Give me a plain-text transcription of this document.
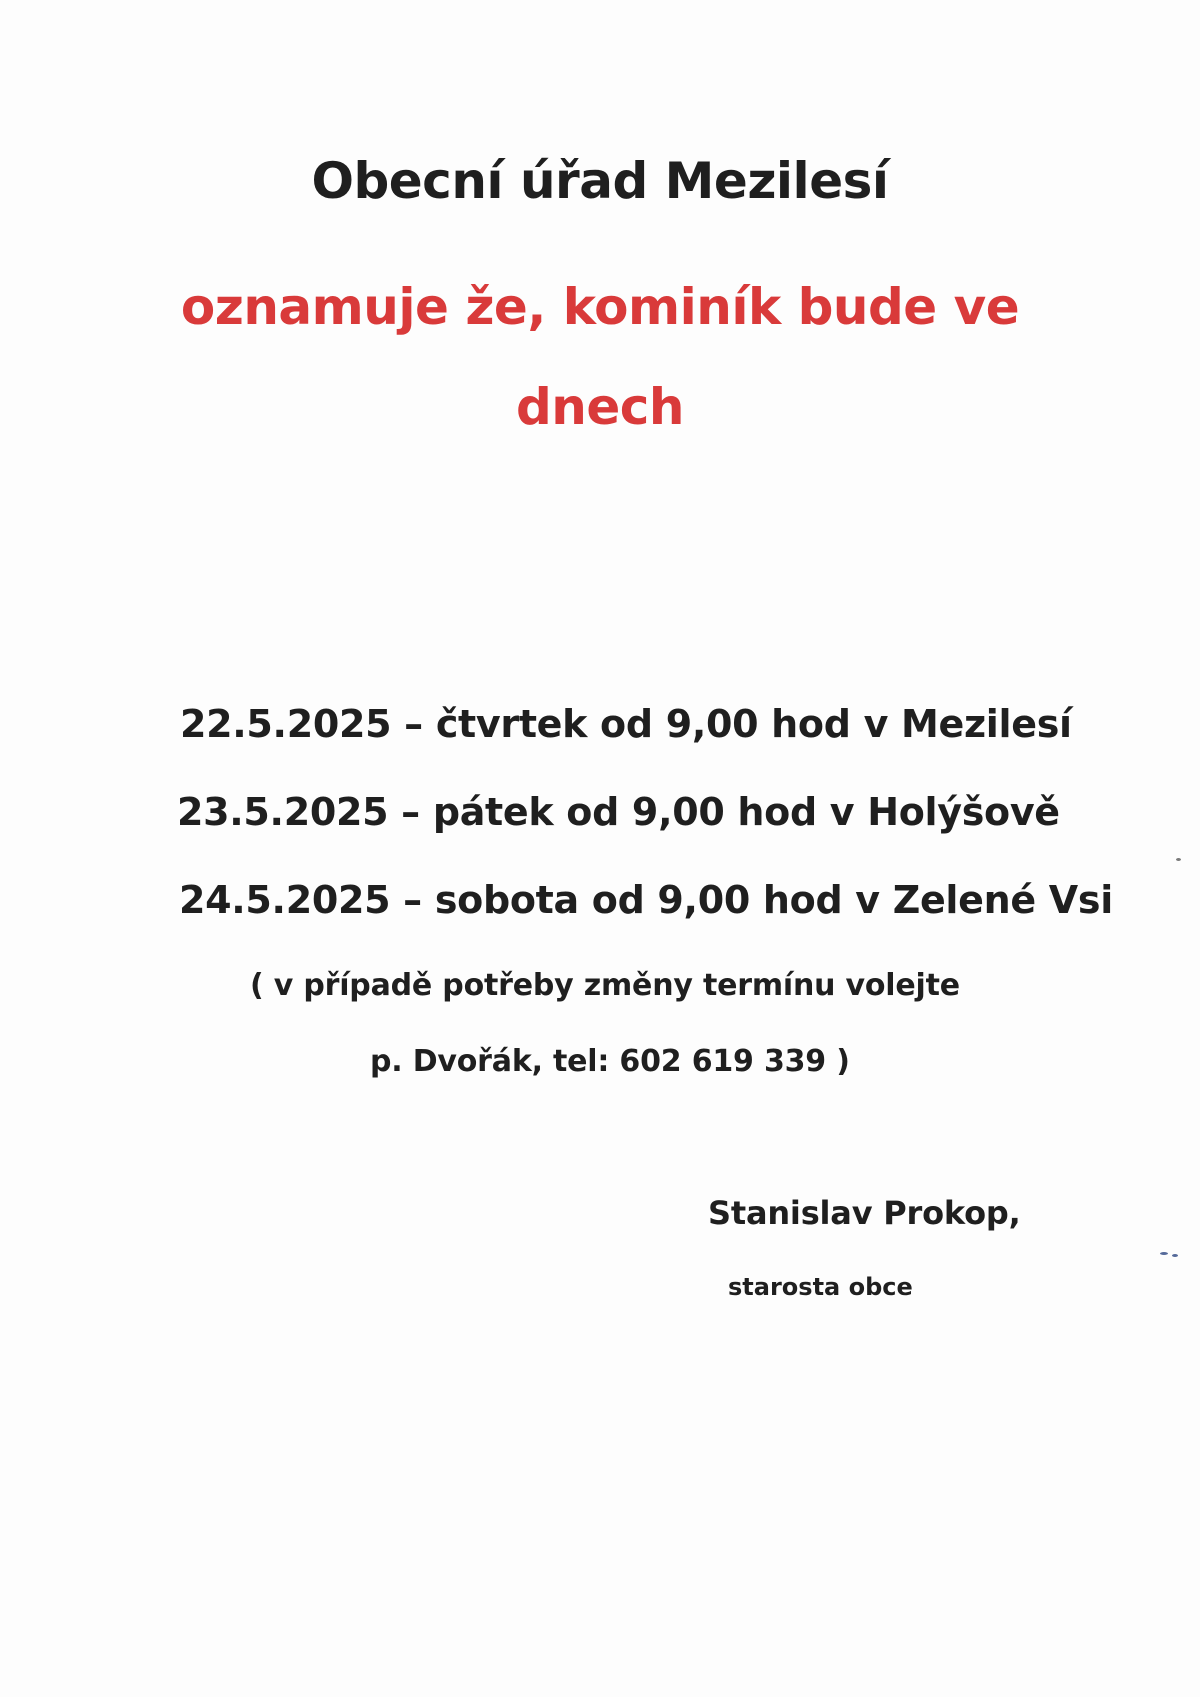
Obecní úřad Mezilesí
oznamuje že, kominík bude ve
dnech
22.5.2025 – čtvrtek od 9,00 hod v Mezilesí
23.5.2025 – pátek od 9,00 hod v Holýšově
24.5.2025 – sobota od 9,00 hod v Zelené Vsi
( v případě potřeby změny termínu volejte
p. Dvořák, tel: 602 619 339 )
Stanislav Prokop,
starosta obce
